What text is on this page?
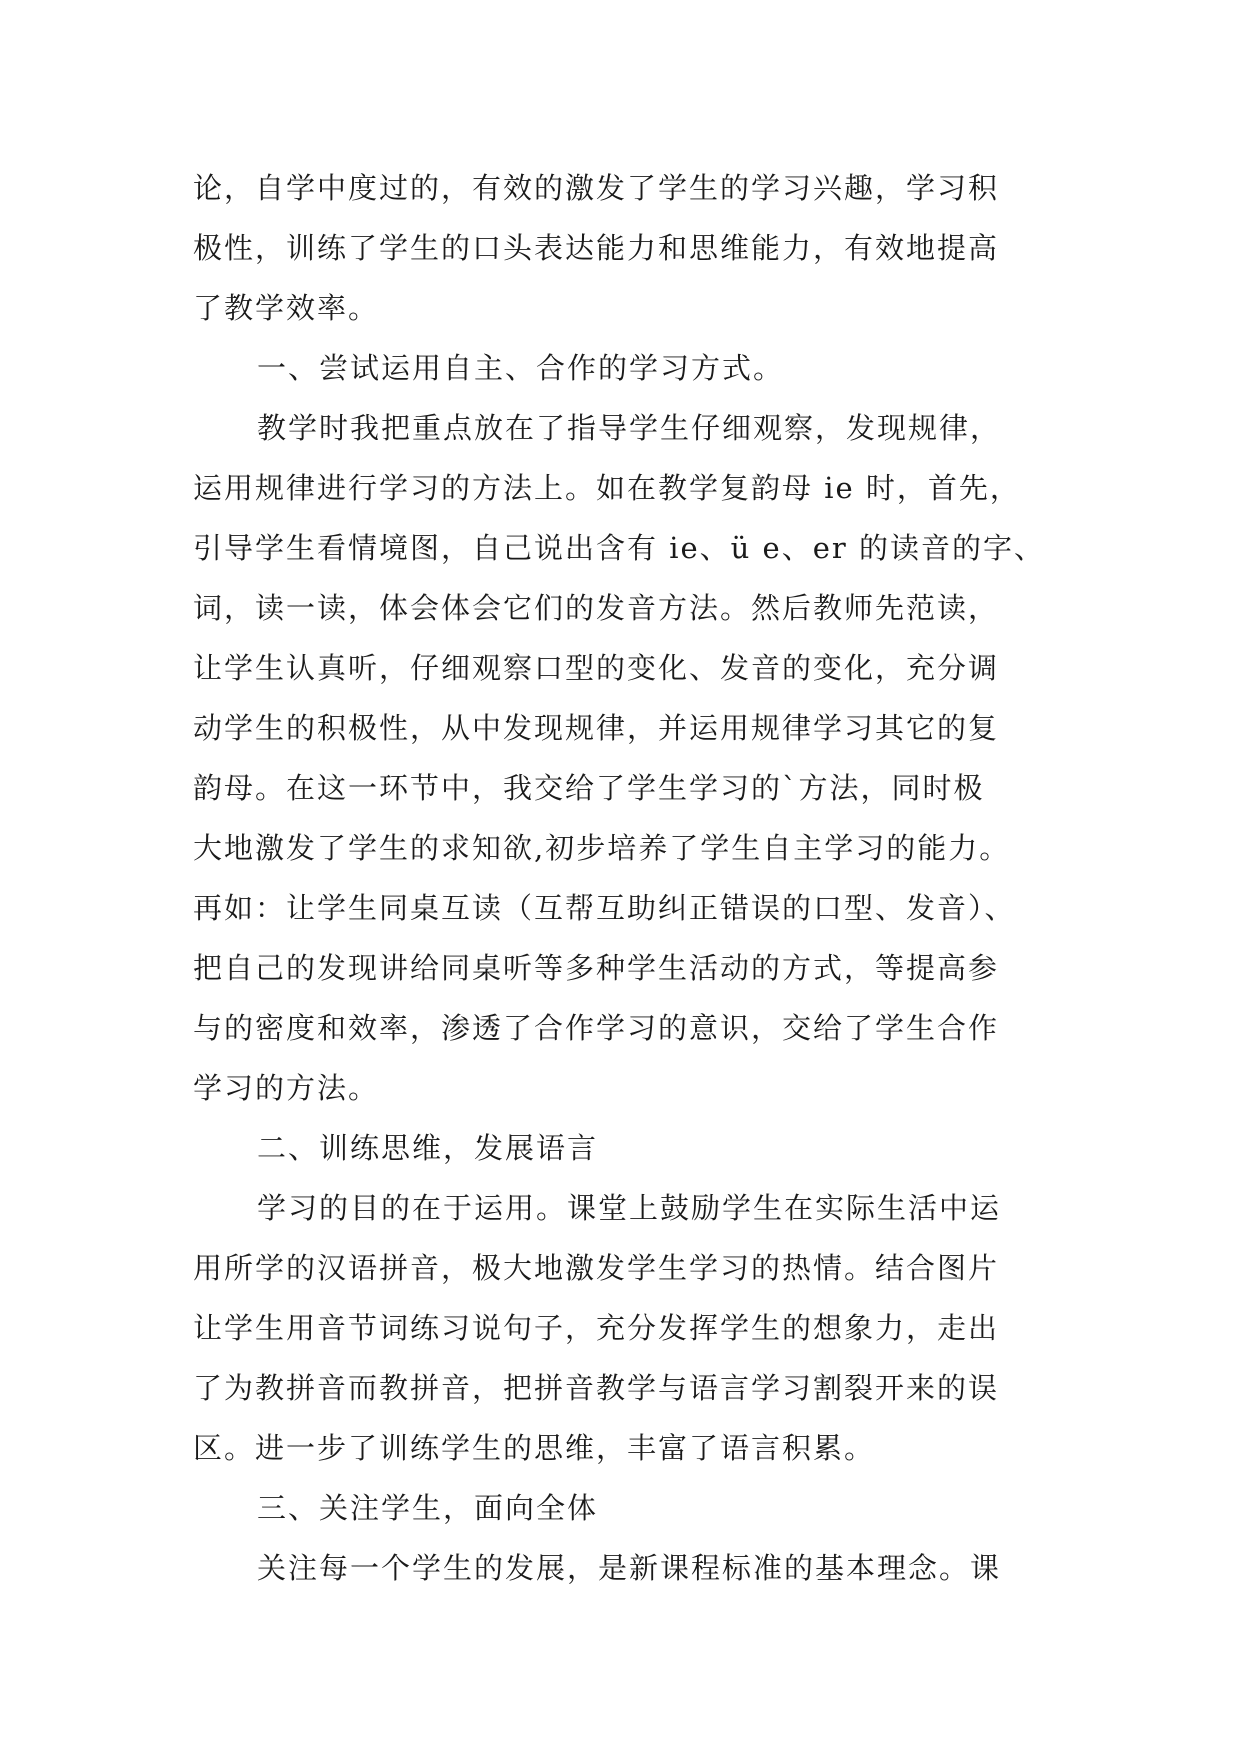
论，自学中度过的，有效的激发了学生的学习兴趣，学习积
极性，训练了学生的口头表达能力和思维能力，有效地提高
了教学效率。
一、尝试运用自主、合作的学习方式。
教学时我把重点放在了指导学生仔细观察，发现规律，
运用规律进行学习的方法上。如在教学复韵母 ie 时，首先，
引导学生看情境图，自己说出含有 ie、ü e、er 的读音的字、
词，读一读，体会体会它们的发音方法。然后教师先范读，
让学生认真听，仔细观察口型的变化、发音的变化，充分调
动学生的积极性，从中发现规律，并运用规律学习其它的复
韵母。在这一环节中，我交给了学生学习的`方法，同时极
大地激发了学生的求知欲,初步培养了学生自主学习的能力。
再如：让学生同桌互读（互帮互助纠正错误的口型、发音）、
把自己的发现讲给同桌听等多种学生活动的方式，等提高参
与的密度和效率，渗透了合作学习的意识，交给了学生合作
学习的方法。
二、训练思维，发展语言
学习的目的在于运用。课堂上鼓励学生在实际生活中运
用所学的汉语拼音，极大地激发学生学习的热情。结合图片
让学生用音节词练习说句子，充分发挥学生的想象力，走出
了为教拼音而教拼音，把拼音教学与语言学习割裂开来的误
区。进一步了训练学生的思维，丰富了语言积累。
三、关注学生，面向全体
关注每一个学生的发展，是新课程标准的基本理念。课
